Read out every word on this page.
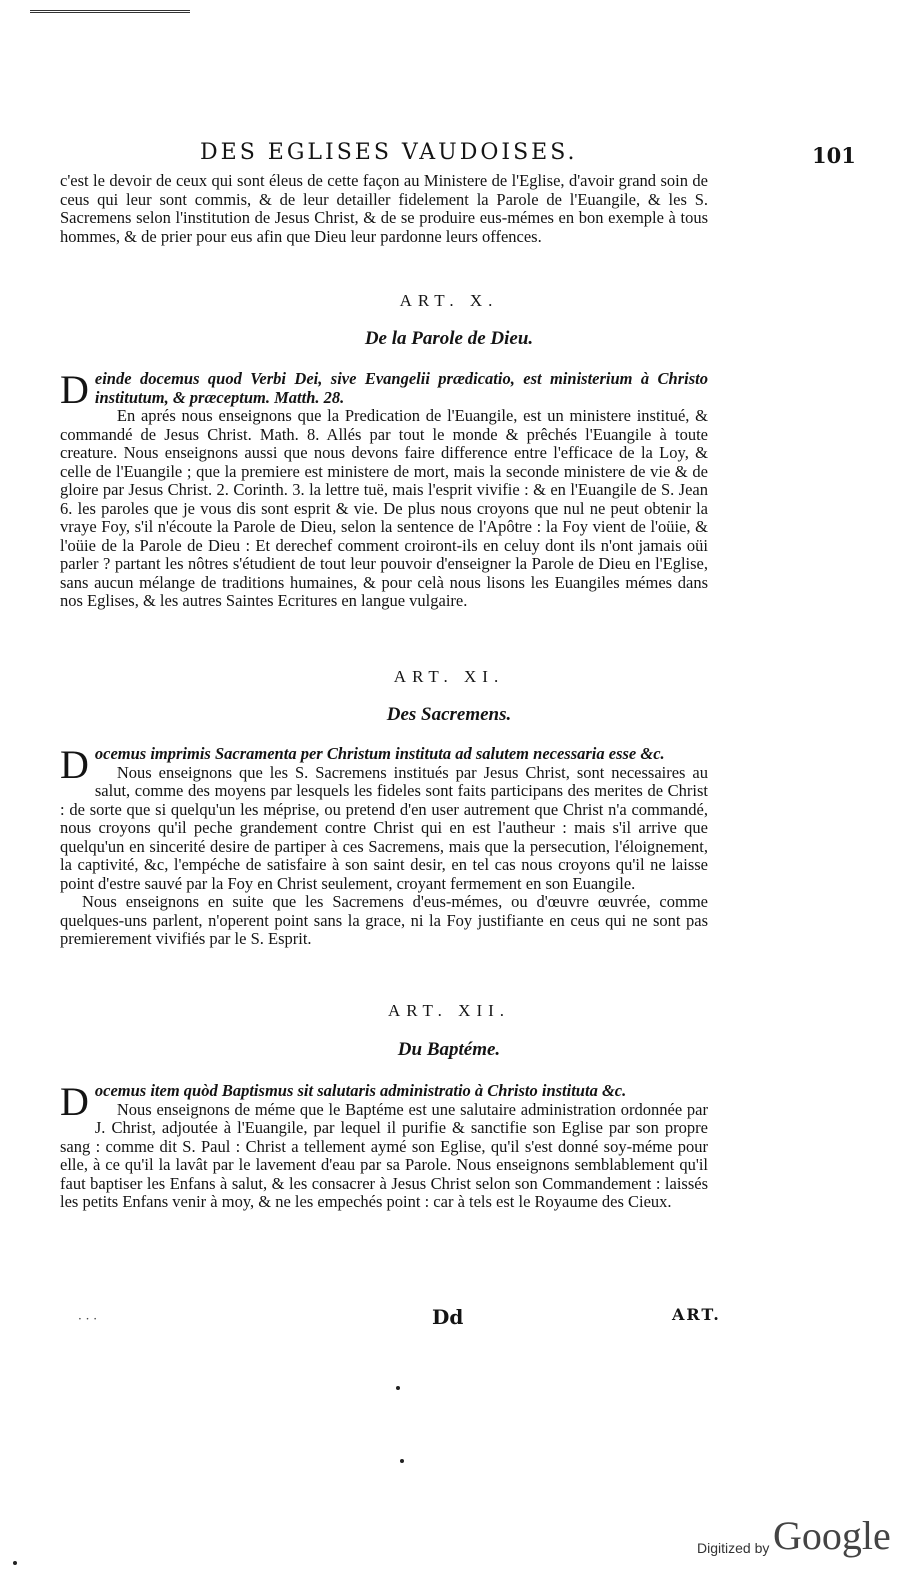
DES EGLISES VAUDOISES.	101

c'est le devoir de ceux qui sont éleus de cette façon au Ministere de l'Eglise, d'avoir grand soin de ceus qui leur sont commis, & de leur detailler fidelement la Parole de l'Euangile, & les S. Sacremens selon l'institution de Jesus Christ, & de se produire eus-mémes en bon exemple à tous hommes, & de prier pour eus afin que Dieu leur pardonne leurs offences.

ART. X.
De la Parole de Dieu.

Deinde docemus quod Verbi Dei, sive Evangelii prædicatio, est ministerium à Christo institutum, & præceptum. Matth. 28.

En aprés nous enseignons que la Predication de l'Euangile, est un ministere institué, & commandé de Jesus Christ. Math. 8. Allés par tout le monde & prêchés l'Euangile à toute creature. Nous enseignons aussi que nous devons faire difference entre l'efficace de la Loy, & celle de l'Euangile ; que la premiere est ministere de mort, mais la seconde ministere de vie & de gloire par Jesus Christ. 2. Corinth. 3. la lettre tuë, mais l'esprit vivifie : & en l'Euangile de S. Jean 6. les paroles que je vous dis sont esprit & vie. De plus nous croyons que nul ne peut obtenir la vraye Foy, s'il n'écoute la Parole de Dieu, selon la sentence de l'Apôtre : la Foy vient de l'oüie, & l'oüie de la Parole de Dieu : Et derechef comment croiront-ils en celuy dont ils n'ont jamais oüi parler ? partant les nôtres s'étudient de tout leur pouvoir d'enseigner la Parole de Dieu en l'Eglise, sans aucun mélange de traditions humaines, & pour celà nous lisons les Euangiles mémes dans nos Eglises, & les autres Saintes Ecritures en langue vulgaire.

ART. XI.
Des Sacremens.

Docemus imprimis Sacramenta per Christum instituta ad salutem necessaria esse &c.

Nous enseignons que les S. Sacremens institués par Jesus Christ, sont necessaires au salut, comme des moyens par lesquels les fideles sont faits participans des merites de Christ : de sorte que si quelqu'un les méprise, ou pretend d'en user autrement que Christ n'a commandé, nous croyons qu'il peche grandement contre Christ qui en est l'autheur : mais s'il arrive que quelqu'un en sincerité desire de partiper à ces Sacremens, mais que la persecution, l'éloignement, la captivité, &c, l'empéche de satisfaire à son saint desir, en tel cas nous croyons qu'il ne laisse point d'estre sauvé par la Foy en Christ seulement, croyant fermement en son Euangile.

Nous enseignons en suite que les Sacremens d'eus-mémes, ou d'œuvre œuvrée, comme quelques-uns parlent, n'operent point sans la grace, ni la Foy justifiante en ceus qui ne sont pas premierement vivifiés par le S. Esprit.

ART. XII.
Du Baptéme.

Docemus item quòd Baptismus sit salutaris administratio à Christo instituta &c.

Nous enseignons de méme que le Baptéme est une salutaire administration ordonnée par J. Christ, adjoutée à l'Euangile, par lequel il purifie & sanctifie son Eglise par son propre sang : comme dit S. Paul : Christ a tellement aymé son Eglise, qu'il s'est donné soy-méme pour elle, à ce qu'il la lavât par le lavement d'eau par sa Parole. Nous enseignons semblablement qu'il faut baptiser les Enfans à salut, & les consacrer à Jesus Christ selon son Commandement : laissés les petits Enfans venir à moy, & ne les empechés point : car à tels est le Royaume des Cieux.

· · ·	Dd	ART.
Digitized by Google
